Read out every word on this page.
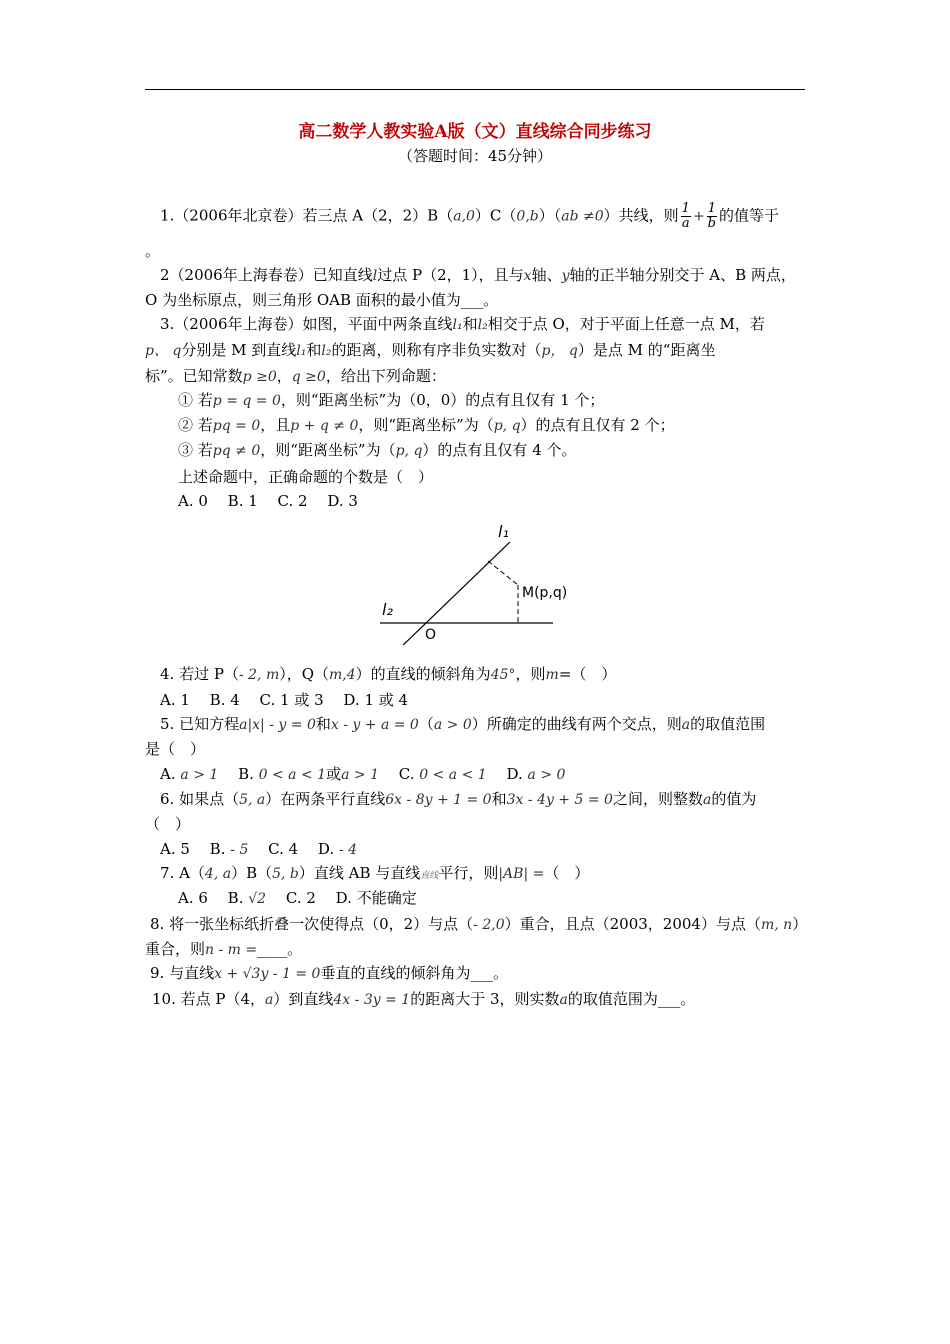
高二数学人教实验A版（文）直线综合同步练习
（答题时间：45分钟）
1.（2006年北京卷）若三点 A（2，2）B（a,0）C（0,b）（ab ≠0）共线，则 $\frac{1}{a} + \frac{1}{b}$ 的值等于
。
2（2006年上海春卷）已知直线l过点 P（2，1），且与x轴、y轴的正半轴分别交于 A、B 两点，
O 为坐标原点，则三角形 OAB 面积的最小值为___。
3.（2006年上海卷）如图，平面中两条直线l₁和l₂相交于点 O，对于平面上任意一点 M，若
p、 q分别是 M 到直线l₁和l₂的距离，则称有序非负实数对（p， q）是点 M 的“距离坐
标”。已知常数p ≥0，q ≥0，给出下列命题：
① 若p = q = 0，则“距离坐标”为（0，0）的点有且仅有 1 个；
② 若pq = 0，且p + q ≠ 0，则“距离坐标”为（p, q）的点有且仅有 2 个；
③ 若pq ≠ 0，则“距离坐标”为（p, q）的点有且仅有 4 个。
上述命题中，正确命题的个数是（　）
A. 0　 B. 1　 C. 2　 D. 3
l₁
l₂
M(p,q)
O
4. 若过 P（- 2, m），Q（m,4）的直线的倾斜角为45°，则m=（　）
A. 1　 B. 4　 C. 1 或 3　 D. 1 或 4
5. 已知方程a|x| - y = 0和x - y + a = 0（a > 0）所确定的曲线有两个交点，则a的取值范围
是（　）
A. a > 1　 B. 0 < a < 1或a > 1　 C. 0 < a < 1　 D. a > 0
6. 如果点（5, a）在两条平行直线6x - 8y + 1 = 0和3x - 4y + 5 = 0之间，则整数a的值为
（　）
A. 5　 B. - 5　 C. 4　 D. - 4
7. A（4, a）B（5, b）直线 AB 与直线直线平行，则|AB| =（　）
A. 6　 B. √2　 C. 2　 D. 不能确定
8. 将一张坐标纸折叠一次使得点（0，2）与点（- 2,0）重合，且点（2003，2004）与点（m, n）
重合，则n - m =____。
9. 与直线x + √3y - 1 = 0垂直的直线的倾斜角为___。
10. 若点 P（4，a）到直线4x - 3y = 1的距离大于 3，则实数a的取值范围为___。
